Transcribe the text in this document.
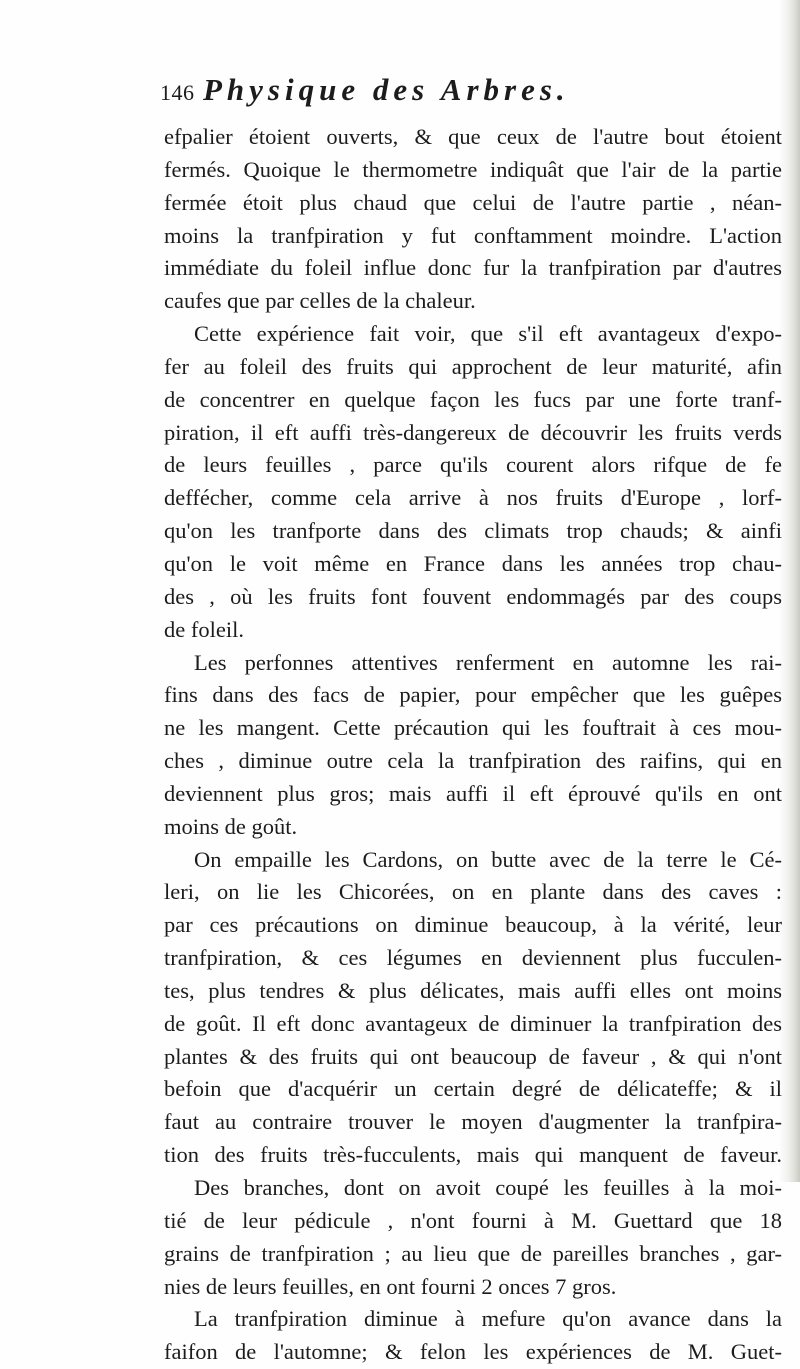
146 Physique des Arbres.
efpalier étoient ouverts, & que ceux de l'autre bout étoient
fermés. Quoique le thermometre indiquât que l'air de la partie
fermée étoit plus chaud que celui de l'autre partie , néan-
moins la tranfpiration y fut conftamment moindre. L'action
immédiate du foleil influe donc fur la tranfpiration par d'autres
caufes que par celles de la chaleur.
Cette expérience fait voir, que s'il eft avantageux d'expo-
fer au foleil des fruits qui approchent de leur maturité, afin
de concentrer en quelque façon les fucs par une forte tranf-
piration, il eft auffi très-dangereux de découvrir les fruits verds
de leurs feuilles , parce qu'ils courent alors rifque de fe
deffécher, comme cela arrive à nos fruits d'Europe , lorf-
qu'on les tranfporte dans des climats trop chauds; & ainfi
qu'on le voit même en France dans les années trop chau-
des , où les fruits font fouvent endommagés par des coups
de foleil.
Les perfonnes attentives renferment en automne les rai-
fins dans des facs de papier, pour empêcher que les guêpes
ne les mangent. Cette précaution qui les fouftrait à ces mou-
ches , diminue outre cela la tranfpiration des raifins, qui en
deviennent plus gros; mais auffi il eft éprouvé qu'ils en ont
moins de goût.
On empaille les Cardons, on butte avec de la terre le Cé-
leri, on lie les Chicorées, on en plante dans des caves :
par ces précautions on diminue beaucoup, à la vérité, leur
tranfpiration, & ces légumes en deviennent plus fucculen-
tes, plus tendres & plus délicates, mais auffi elles ont moins
de goût. Il eft donc avantageux de diminuer la tranfpiration des
plantes & des fruits qui ont beaucoup de faveur , & qui n'ont
befoin que d'acquérir un certain degré de délicateffe; & il
faut au contraire trouver le moyen d'augmenter la tranfpira-
tion des fruits très-fucculents, mais qui manquent de faveur.
Des branches, dont on avoit coupé les feuilles à la moi-
tié de leur pédicule , n'ont fourni à M. Guettard que 18
grains de tranfpiration ; au lieu que de pareilles branches , gar-
nies de leurs feuilles, en ont fourni 2 onces 7 gros.
La tranfpiration diminue à mefure qu'on avance dans la
faifon de l'automne; & felon les expériences de M. Guet-
